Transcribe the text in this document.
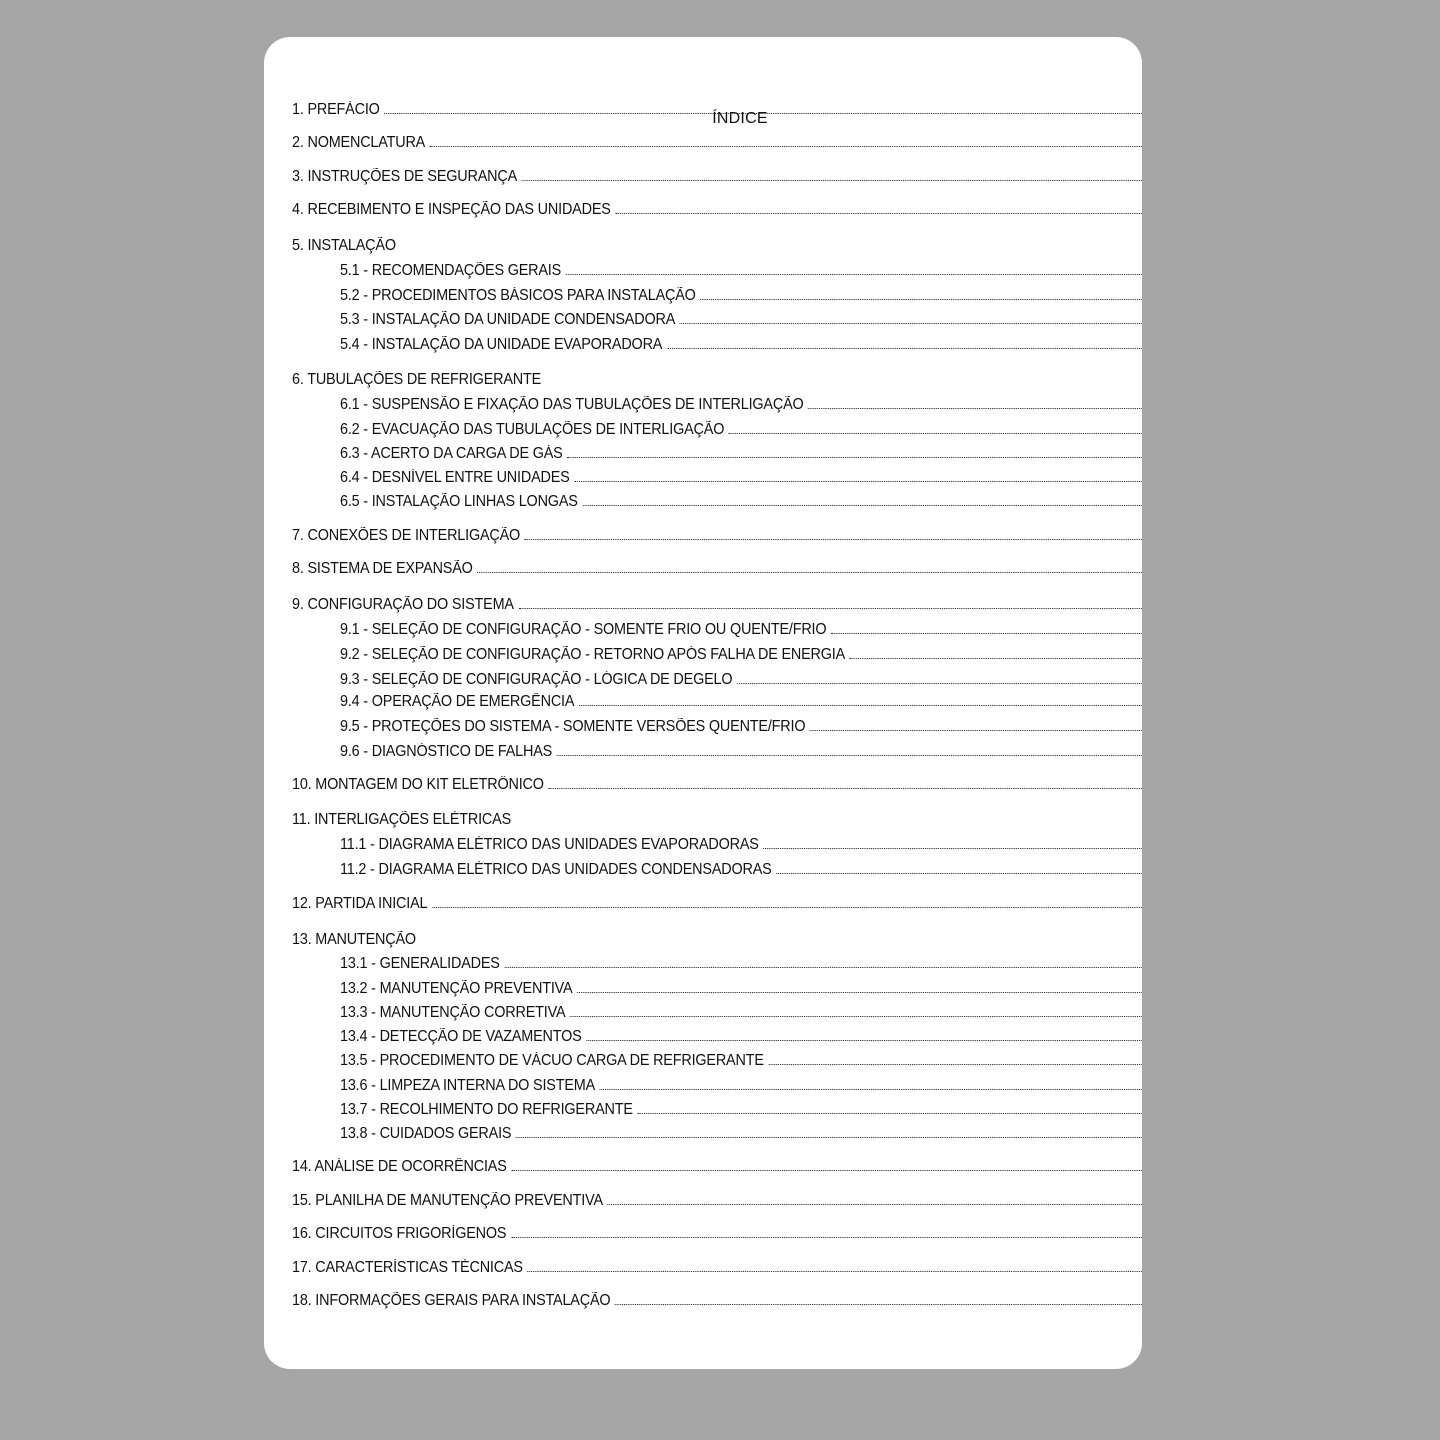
ÍNDICE
1. PREFÁCIO
2. NOMENCLATURA
3. INSTRUÇÕES DE SEGURANÇA
4. RECEBIMENTO E INSPEÇÃO DAS UNIDADES
5. INSTALAÇÃO
5.1 - RECOMENDAÇÕES GERAIS
5.2 - PROCEDIMENTOS BÁSICOS PARA INSTALAÇÃO
5.3 - INSTALAÇÃO DA UNIDADE CONDENSADORA
5.4 - INSTALAÇÃO DA UNIDADE EVAPORADORA
6. TUBULAÇÕES DE REFRIGERANTE
6.1 - SUSPENSÃO E FIXAÇÃO DAS TUBULAÇÕES DE INTERLIGAÇÃO
6.2 - EVACUAÇÃO DAS TUBULAÇÕES DE INTERLIGAÇÃO
6.3 - ACERTO DA CARGA DE GÁS
6.4 - DESNÍVEL ENTRE UNIDADES
6.5 - INSTALAÇÃO LINHAS LONGAS
7. CONEXÕES DE INTERLIGAÇÃO
8. SISTEMA DE EXPANSÃO
9. CONFIGURAÇÃO DO SISTEMA
9.1 - SELEÇÃO DE CONFIGURAÇÃO - SOMENTE FRIO OU QUENTE/FRIO
9.2 - SELEÇÃO DE CONFIGURAÇÃO - RETORNO APÓS FALHA DE ENERGIA
9.3 - SELEÇÃO DE CONFIGURAÇÃO - LÓGICA DE DEGELO
9.4 - OPERAÇÃO DE EMERGÊNCIA
9.5 - PROTEÇÕES DO SISTEMA - SOMENTE VERSÕES QUENTE/FRIO
9.6 - DIAGNÓSTICO DE FALHAS
10. MONTAGEM DO KIT ELETRÔNICO
11. INTERLIGAÇÕES ELÉTRICAS
11.1 - DIAGRAMA ELÉTRICO DAS UNIDADES EVAPORADORAS
11.2 - DIAGRAMA ELÉTRICO DAS UNIDADES CONDENSADORAS
12. PARTIDA INICIAL
13. MANUTENÇÃO
13.1 - GENERALIDADES
13.2 - MANUTENÇÃO PREVENTIVA
13.3 - MANUTENÇÃO CORRETIVA
13.4 - DETECÇÃO DE VAZAMENTOS
13.5 - PROCEDIMENTO DE VÁCUO CARGA DE REFRIGERANTE
13.6 - LIMPEZA INTERNA DO SISTEMA
13.7 - RECOLHIMENTO DO REFRIGERANTE
13.8 - CUIDADOS GERAIS
14. ANÁLISE DE OCORRÊNCIAS
15. PLANILHA DE MANUTENÇÃO PREVENTIVA
16. CIRCUITOS FRIGORÍGENOS
17. CARACTERÍSTICAS TÉCNICAS
18. INFORMAÇÕES GERAIS PARA INSTALAÇÃO
